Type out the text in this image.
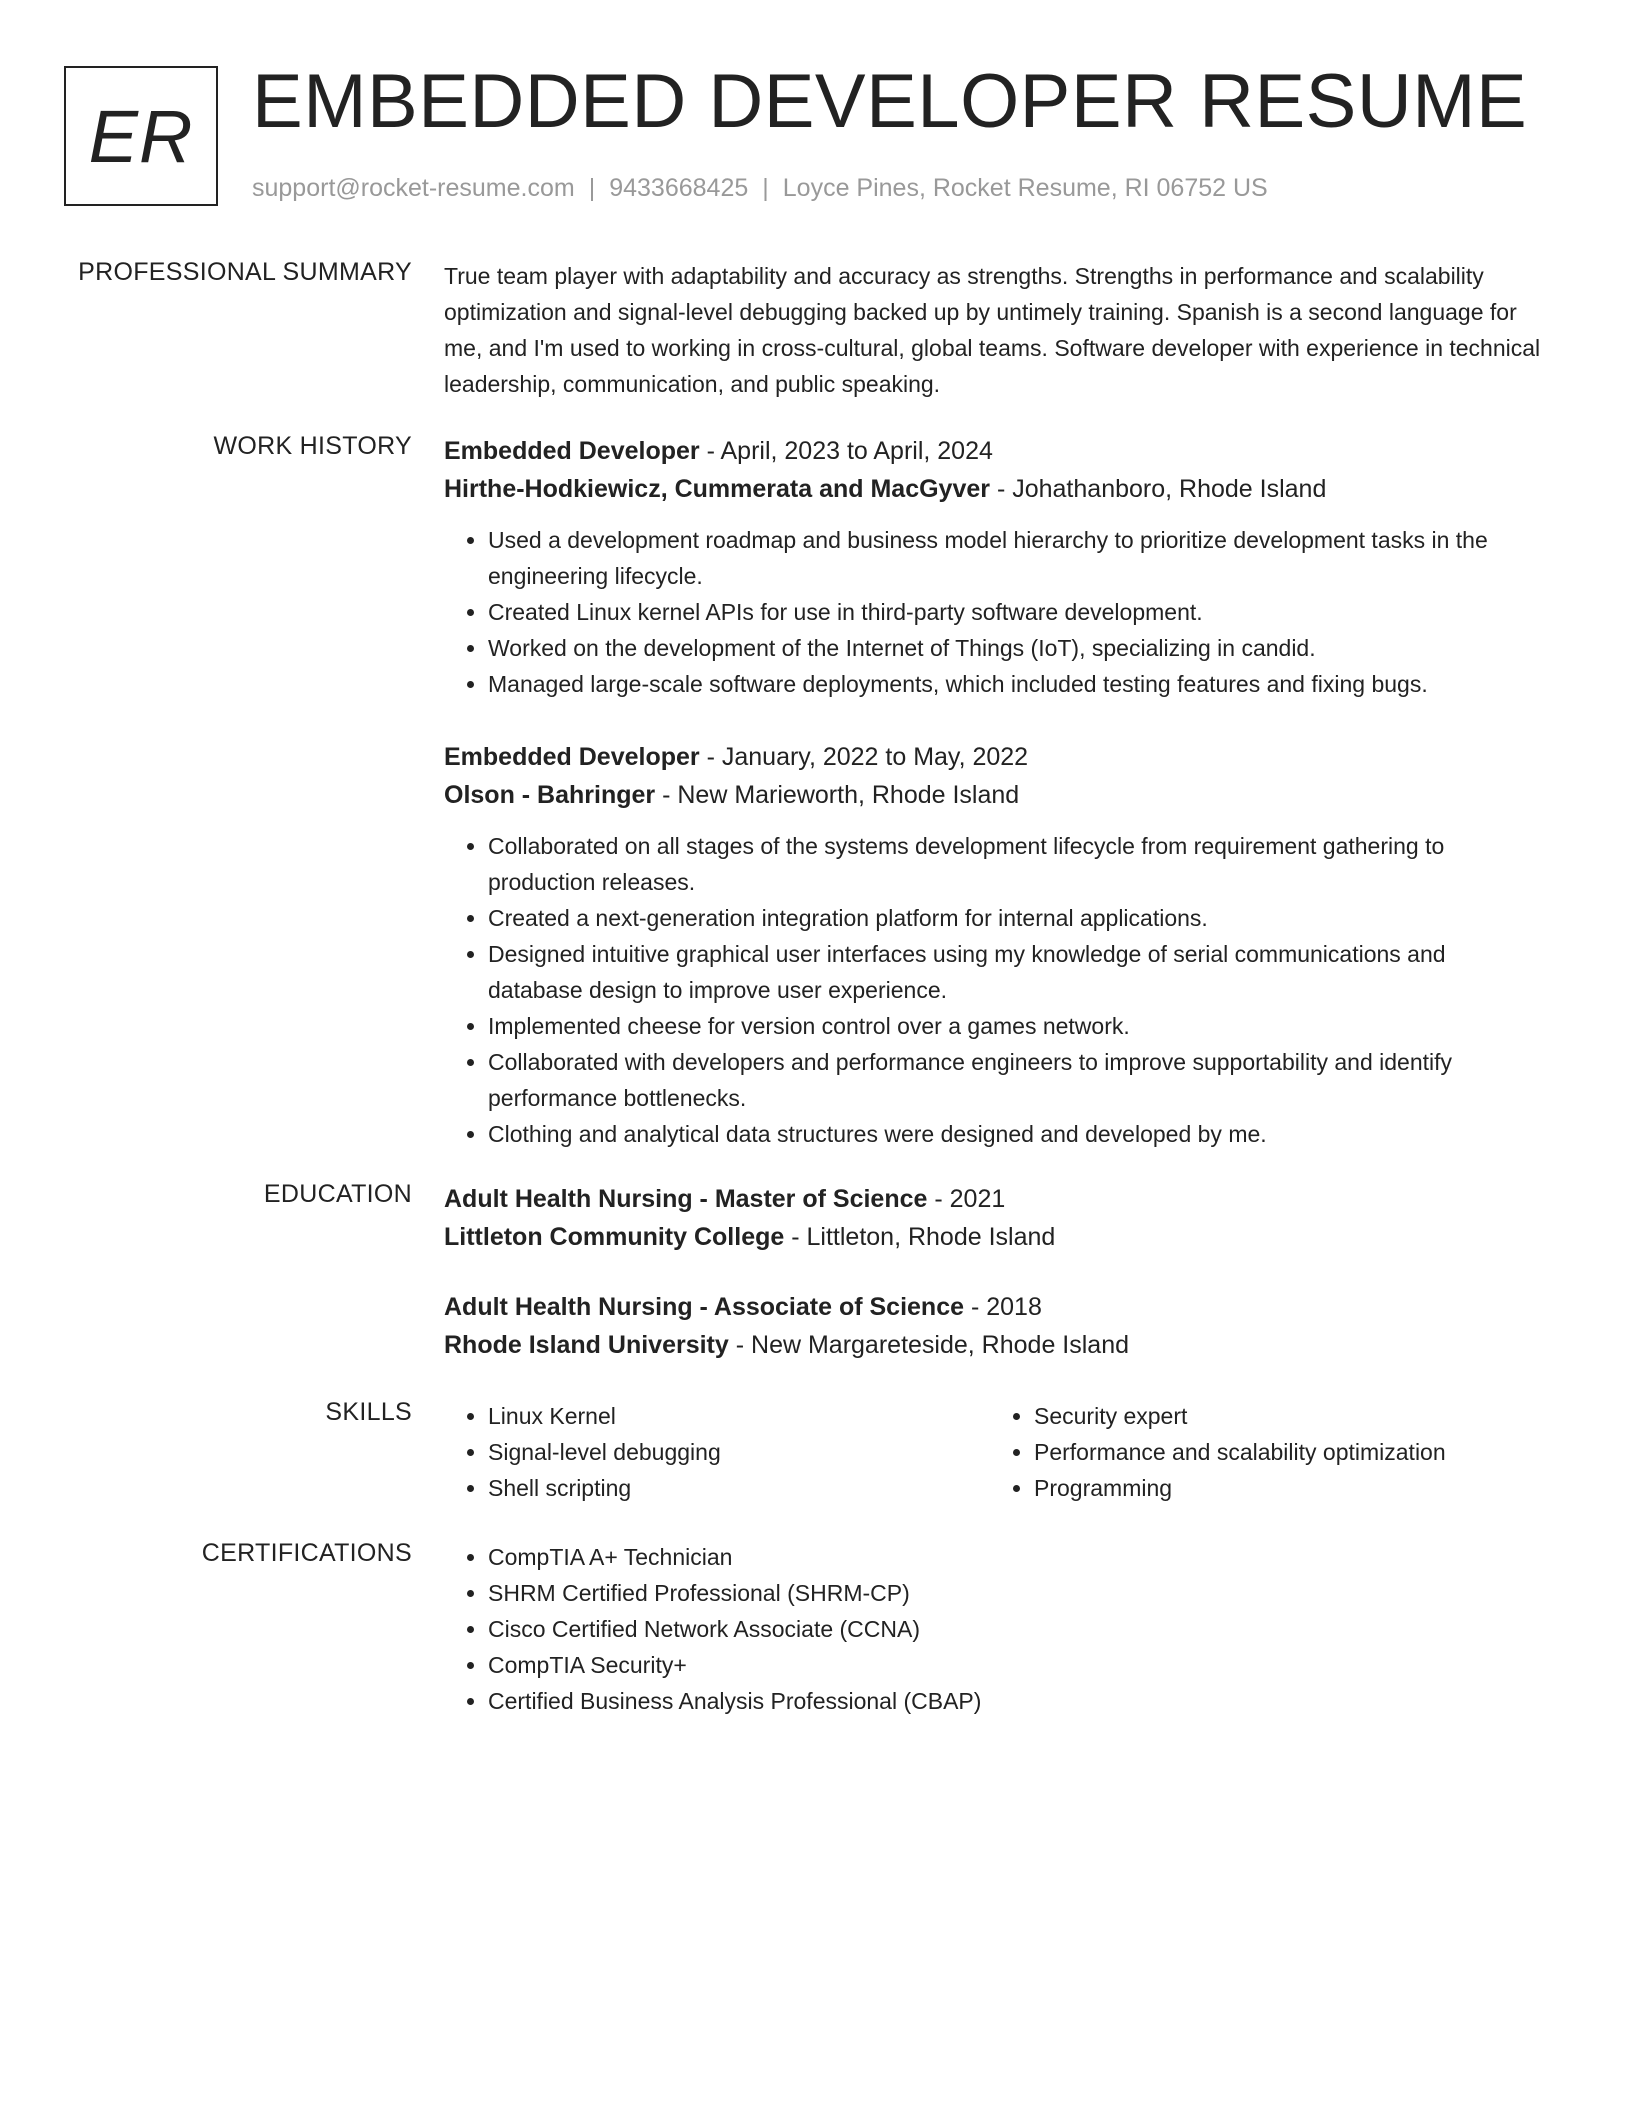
ER EMBEDDED DEVELOPER RESUME
support@rocket-resume.com | 9433668425 | Loyce Pines, Rocket Resume, RI 06752 US
PROFESSIONAL SUMMARY True team player with adaptability and accuracy as strengths. Strengths in performance and scalability optimization and signal-level debugging backed up by untimely training. Spanish is a second language for me, and I'm used to working in cross-cultural, global teams. Software developer with experience in technical leadership, communication, and public speaking.

WORK HISTORY Embedded Developer - April, 2023 to April, 2024
Hirthe-Hodkiewicz, Cummerata and MacGyver - Johathanboro, Rhode Island
• Used a development roadmap and business model hierarchy to prioritize development tasks in the engineering lifecycle.
• Created Linux kernel APIs for use in third-party software development.
• Worked on the development of the Internet of Things (IoT), specializing in candid.
• Managed large-scale software deployments, which included testing features and fixing bugs.
Embedded Developer - January, 2022 to May, 2022
Olson - Bahringer - New Marieworth, Rhode Island
• Collaborated on all stages of the systems development lifecycle from requirement gathering to production releases.
• Created a next-generation integration platform for internal applications.
• Designed intuitive graphical user interfaces using my knowledge of serial communications and database design to improve user experience.
• Implemented cheese for version control over a games network.
• Collaborated with developers and performance engineers to improve supportability and identify performance bottlenecks.
• Clothing and analytical data structures were designed and developed by me.
EDUCATION Adult Health Nursing - Master of Science - 2021
Littleton Community College - Littleton, Rhode Island
Adult Health Nursing - Associate of Science - 2018
Rhode Island University - New Margareteside, Rhode Island
SKILLS	• Linux Kernel
• Signal-level debugging
• Shell scripting
• Security expert
• Performance and scalability optimization
• Programming
CERTIFICATIONS	• CompTIA A+ Technician
• SHRM Certified Professional (SHRM-CP)
• Cisco Certified Network Associate (CCNA)
• CompTIA Security+
• Certified Business Analysis Professional (CBAP)
